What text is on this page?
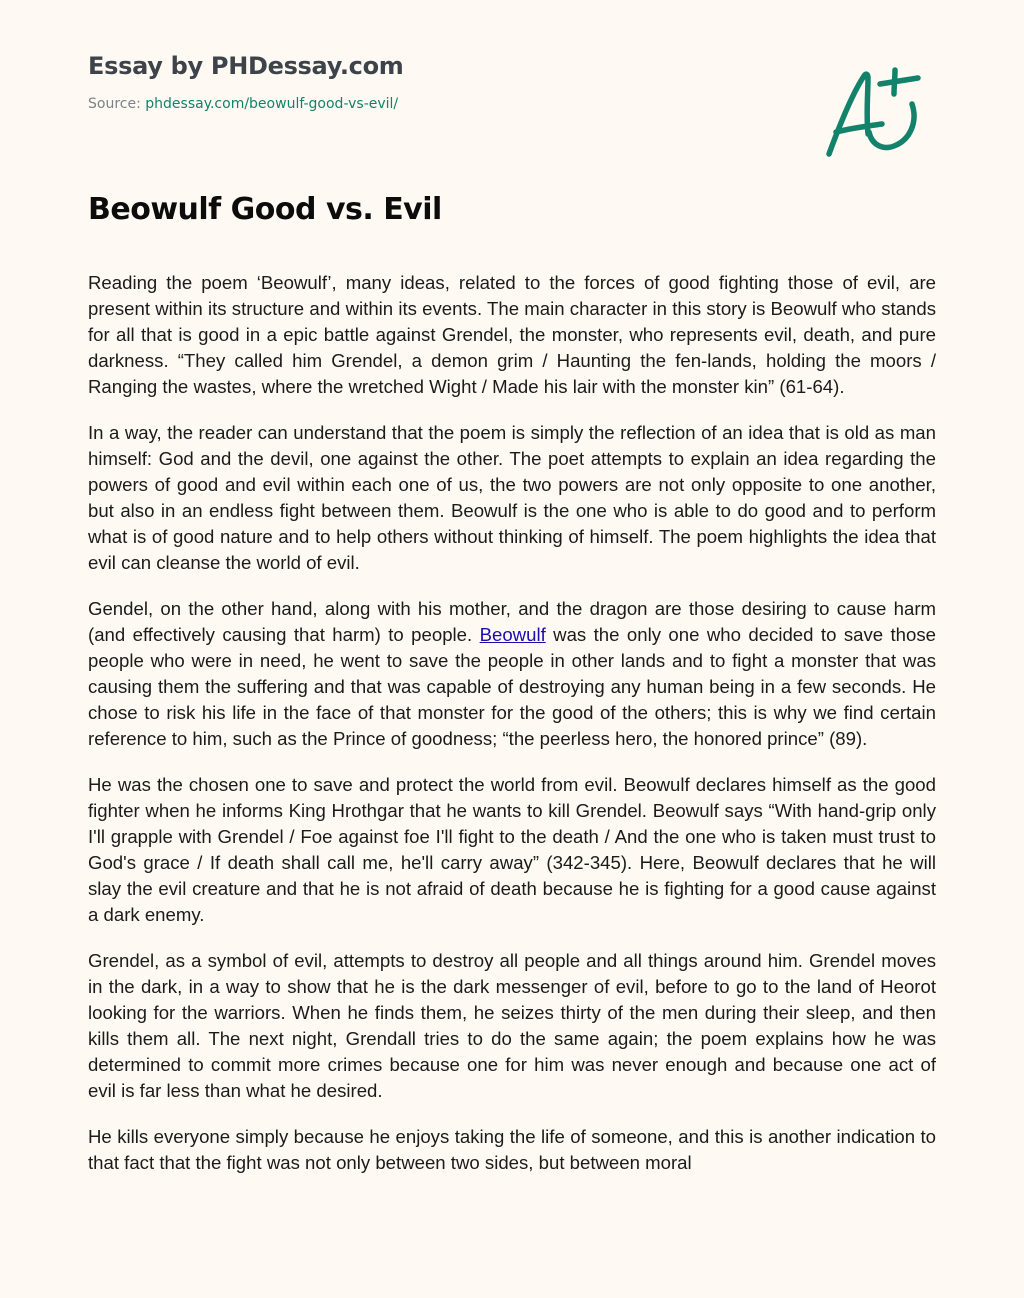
Essay by PHDessay.com
Source: phdessay.com/beowulf-good-vs-evil/
Beowulf Good vs. Evil

Reading the poem ‘Beowulf’, many ideas, related to the forces of good fighting those of evil, are present within its structure and within its events. The main character in this story is Beowulf who stands for all that is good in a epic battle against Grendel, the monster, who represents evil, death, and pure darkness. “They called him Grendel, a demon grim / Haunting the fen-lands, holding the moors / Ranging the wastes, where the wretched Wight / Made his lair with the monster kin” (61-64).

In a way, the reader can understand that the poem is simply the reflection of an idea that is old as man himself: God and the devil, one against the other. The poet attempts to explain an idea regarding the powers of good and evil within each one of us, the two powers are not only opposite to one another, but also in an endless fight between them. Beowulf is the one who is able to do good and to perform what is of good nature and to help others without thinking of himself. The poem highlights the idea that evil can cleanse the world of evil.

Gendel, on the other hand, along with his mother, and the dragon are those desiring to cause harm (and effectively causing that harm) to people. Beowulf was the only one who decided to save those people who were in need, he went to save the people in other lands and to fight a monster that was causing them the suffering and that was capable of destroying any human being in a few seconds. He chose to risk his life in the face of that monster for the good of the others; this is why we find certain reference to him, such as the Prince of goodness; “the peerless hero, the honored prince” (89).

He was the chosen one to save and protect the world from evil. Beowulf declares himself as the good fighter when he informs King Hrothgar that he wants to kill Grendel. Beowulf says “With hand-grip only I'll grapple with Grendel / Foe against foe I'll fight to the death / And the one who is taken must trust to God's grace / If death shall call me, he'll carry away” (342-345). Here, Beowulf declares that he will slay the evil creature and that he is not afraid of death because he is fighting for a good cause against a dark enemy.

Grendel, as a symbol of evil, attempts to destroy all people and all things around him. Grendel moves in the dark, in a way to show that he is the dark messenger of evil, before to go to the land of Heorot looking for the warriors. When he finds them, he seizes thirty of the men during their sleep, and then kills them all. The next night, Grendall tries to do the same again; the poem explains how he was determined to commit more crimes because one for him was never enough and because one act of evil is far less than what he desired.

He kills everyone simply because he enjoys taking the life of someone, and this is another indication to that fact that the fight was not only between two sides, but between moral
